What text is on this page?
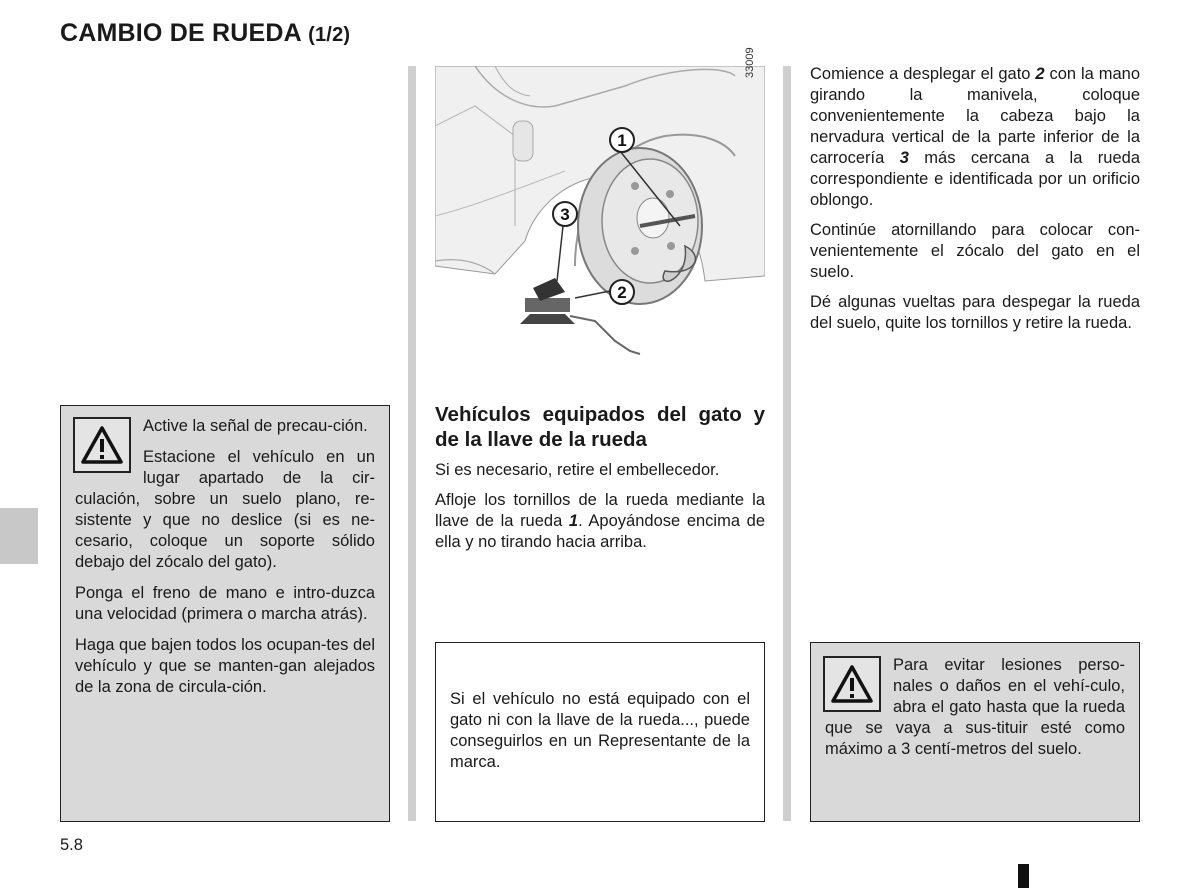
CAMBIO DE RUEDA (1/2)
1
2
3
33009

Active la señal de precau-ción.

Estacione el vehículo en un lugar apartado de la cir-culación, sobre un suelo plano, re-sistente y que no deslice (si es ne-cesario, coloque un soporte sólido debajo del zócalo del gato).

Ponga el freno de mano e intro-duzca una velocidad (primera o marcha atrás).

Haga que bajen todos los ocupan-tes del vehículo y que se manten-gan alejados de la zona de circula-ción.

Vehículos equipados del gato y de la llave de la rueda

Si es necesario, retire el embellecedor.

Afloje los tornillos de la rueda mediante la llave de la rueda 1. Apoyándose encima de ella y no tirando hacia arriba.

Si el vehículo no está equipado con el gato ni con la llave de la rueda..., puede conseguirlos en un Representante de la marca.

Comience a desplegar el gato 2 con la mano girando la manivela, coloque convenientemente la cabeza bajo la nervadura vertical de la parte inferior de la carrocería 3 más cercana a la rueda correspondiente e identificada por un orificio oblongo.

Continúe atornillando para colocar con-venientemente el zócalo del gato en el suelo.

Dé algunas vueltas para despegar la rueda del suelo, quite los tornillos y retire la rueda.

Para evitar lesiones perso-nales o daños en el vehí-culo, abra el gato hasta que la rueda que se vaya a sus-tituir esté como máximo a 3 centí-metros del suelo.
5.8
